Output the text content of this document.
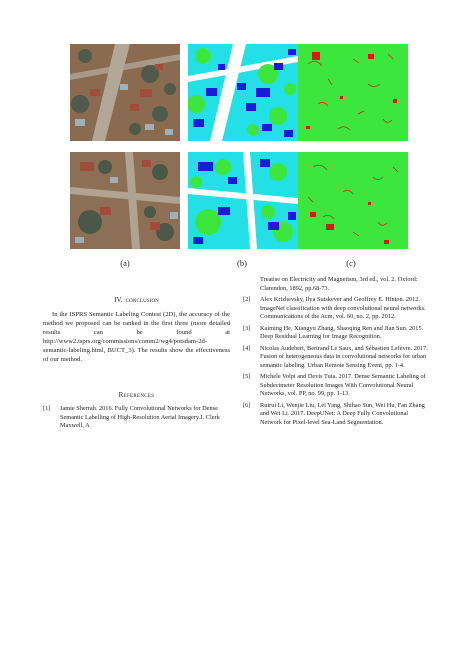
(a)	(b)	(c)
IV. conclusion

In the ISPRS Semantic Labeling Contest (2D), the accuracy of the method we proposed can be ranked in the first three (more detailed results can be found at http://www2.isprs.org/commissions/comm2/wg4/potsdam-2d-semantic-labeling.html, BUCT_3). The results show the effectiveness of our method.

References
[1]	Jamie Sherrah. 2016. Fully Convolutional Networks for Dense Semantic Labelling of High-Resolution Aerial Imagery.J. Clerk Maxwell, A
Treatise on Electricity and Magnetism, 3rd ed., vol. 2. Oxford: Clarendon, 1892, pp.68-73.
[2]	Alex Krizhevsky, Ilya Sutskever and Geoffrey E. Hinton. 2012. ImageNet classification with deep convolutional neural networks. Communications of the Acm, vol. 60, no. 2, pp. 2012.
[3]	Kaiming He, Xiangyu Zhang, Shaoqing Ren and Jian Sun. 2015. Deep Residual Learning for Image Recognition.
[4]	Nicolas Audebert, Bertrand Le Saux, and Sébastien Lefèvre. 2017. Fusion of heterogeneous data in convolutional networks for urban semantic labeling. Urban Remote Sensing Event, pp. 1-4.
[5]	Michele Volpi and Devis Tuia. 2017. Dense Semantic Labeling of Subdecimeter Resolution Images With Convolutional Neural Networks, vol. PP, no. 99, pp. 1-13.
[6]	Ruirui Li, Wenjie Liu, Lei Yang, Shihao Sun, Wei Hu, Fan Zhang and Wei Li. 2017. DeepUNet: A Deep Fully Convolutional Network for Pixel-level Sea-Land Segmentation.
